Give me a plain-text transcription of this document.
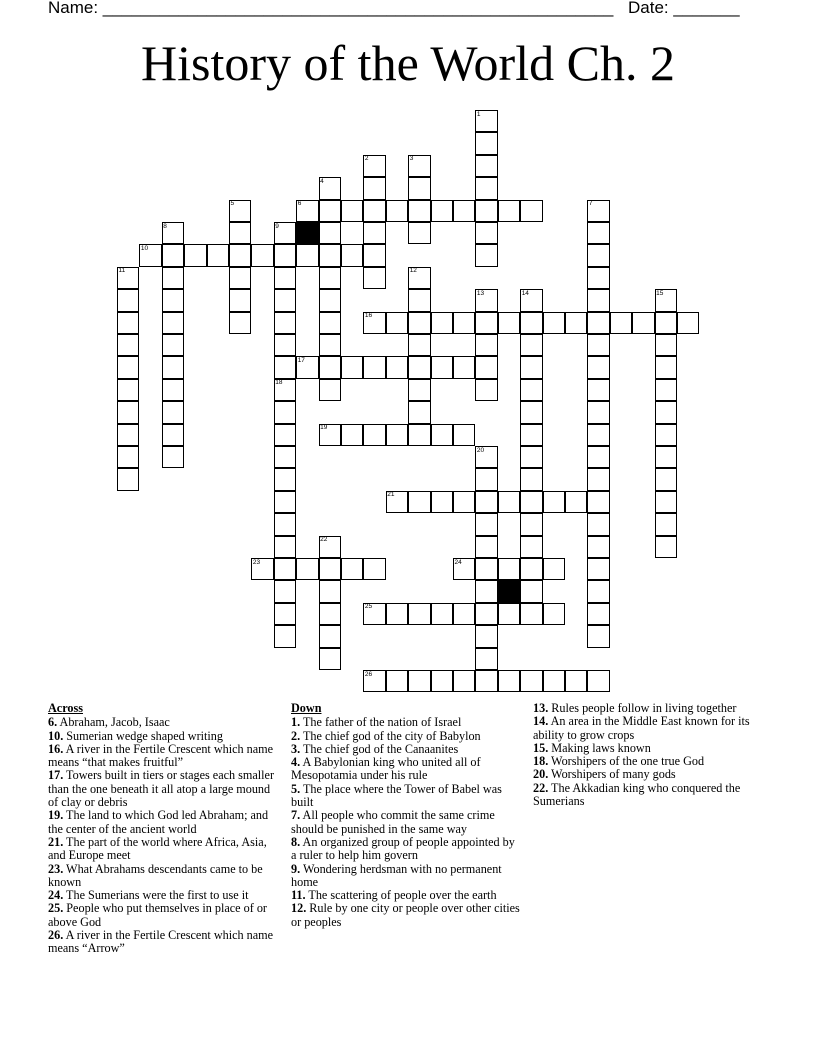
Name: ______________________________________________________ Date: _______
History of the World Ch. 2
1
2	3
4
5	6	7
8	9
10
11	12
13	14	15
16
17
18
19
20
21
22
23	24
25
26
Across

6. Abraham, Jacob, Isaac

10. Sumerian wedge shaped writing

16. A river in the Fertile Crescent which name means “that makes fruitful”

17. Towers built in tiers or stages each smaller than the one beneath it all atop a large mound of clay or debris

19. The land to which God led Abraham; and the center of the ancient world

21. The part of the world where Africa, Asia, and Europe meet

23. What Abrahams descendants came to be known

24. The Sumerians were the first to use it

25. People who put themselves in place of or above God

26. A river in the Fertile Crescent which name means “Arrow”

Down

1. The father of the nation of Israel

2. The chief god of the city of Babylon

3. The chief god of the Canaanites

4. A Babylonian king who united all of Mesopotamia under his rule

5. The place where the Tower of Babel was built

7. All people who commit the same crime should be punished in the same way

8. An organized group of people appointed by a ruler to help him govern

9. Wondering herdsman with no permanent home

11. The scattering of people over the earth

12. Rule by one city or people over other cities or peoples

13. Rules people follow in living together

14. An area in the Middle East known for its ability to grow crops

15. Making laws known

18. Worshipers of the one true God

20. Worshipers of many gods

22. The Akkadian king who conquered the Sumerians
